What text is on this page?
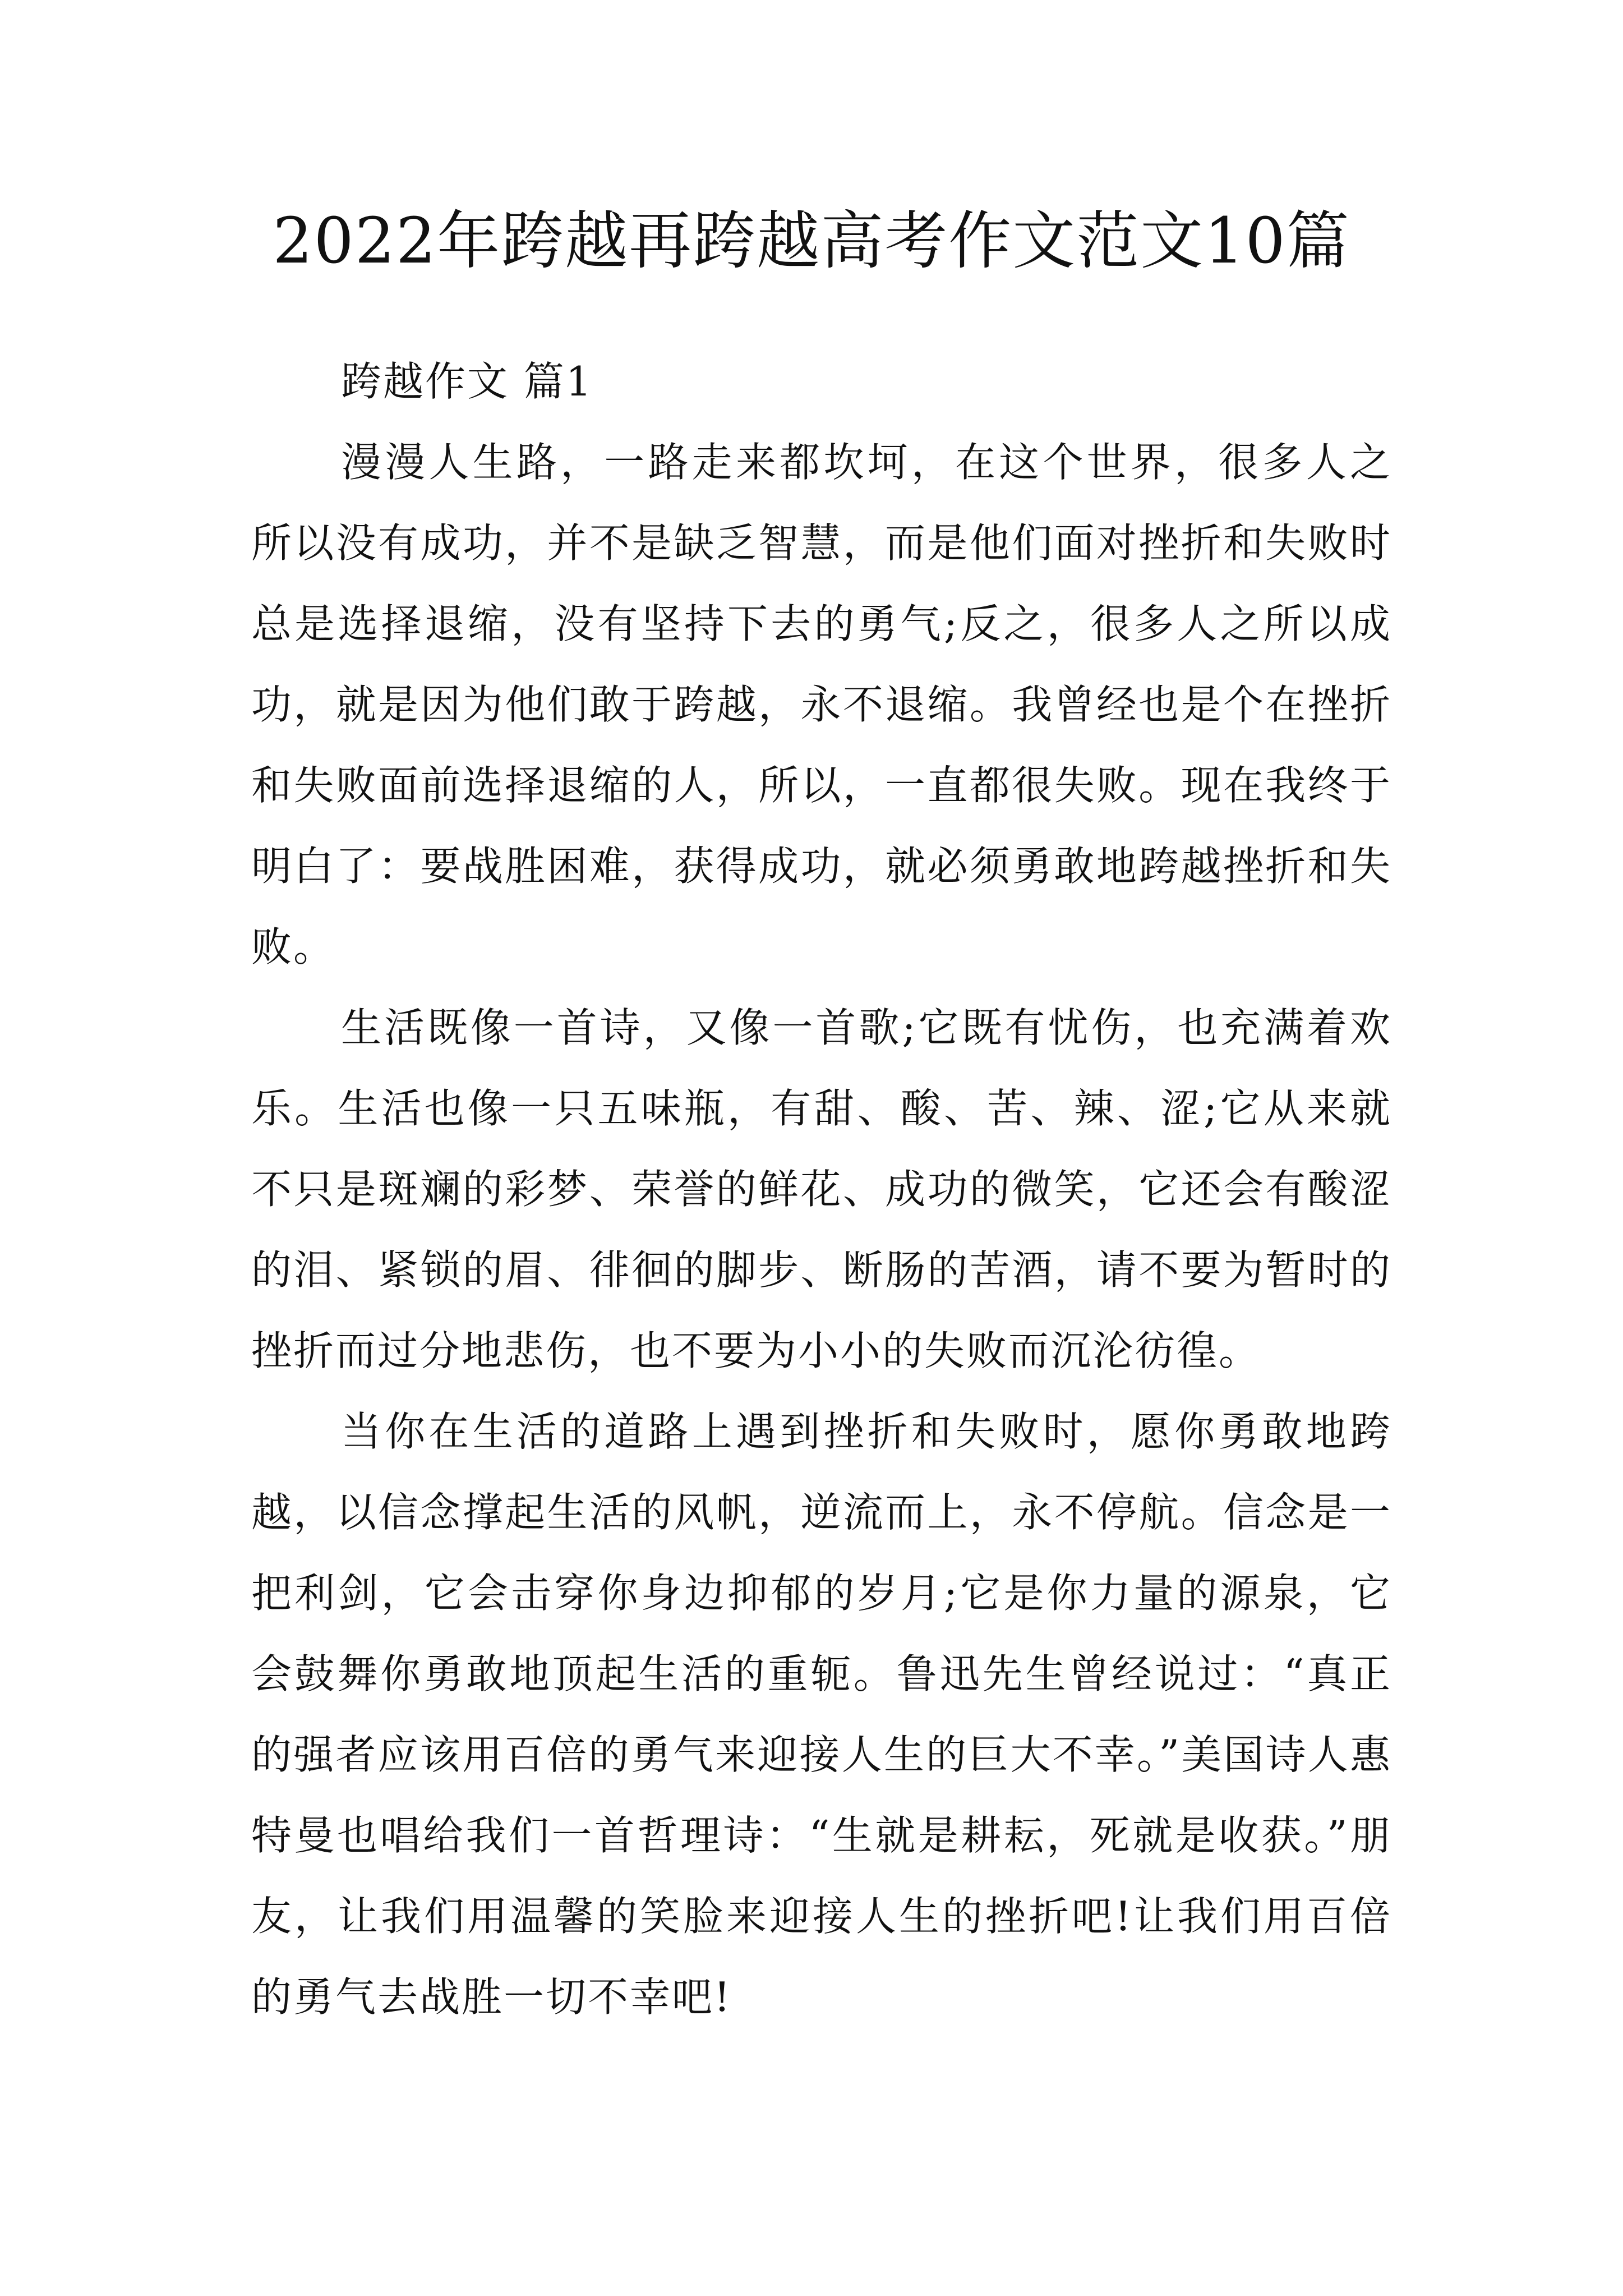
2022年跨越再跨越高考作文范文10篇

跨越作文 篇1

漫漫人生路，一路走来都坎坷，在这个世界，很多人之所以没有成功，并不是缺乏智慧，而是他们面对挫折和失败时总是选择退缩，没有坚持下去的勇气;反之，很多人之所以成功，就是因为他们敢于跨越，永不退缩。我曾经也是个在挫折和失败面前选择退缩的人，所以，一直都很失败。现在我终于明白了：要战胜困难，获得成功，就必须勇敢地跨越挫折和失败。

生活既像一首诗，又像一首歌;它既有忧伤，也充满着欢乐。生活也像一只五味瓶，有甜、酸、苦、辣、涩;它从来就不只是斑斓的彩梦、荣誉的鲜花、成功的微笑，它还会有酸涩的泪、紧锁的眉、徘徊的脚步、断肠的苦酒，请不要为暂时的挫折而过分地悲伤，也不要为小小的失败而沉沦彷徨。

当你在生活的道路上遇到挫折和失败时，愿你勇敢地跨越，以信念撑起生活的风帆，逆流而上，永不停航。信念是一把利剑，它会击穿你身边抑郁的岁月;它是你力量的源泉，它会鼓舞你勇敢地顶起生活的重轭。鲁迅先生曾经说过：“真正的强者应该用百倍的勇气来迎接人生的巨大不幸。”美国诗人惠特曼也唱给我们一首哲理诗：“生就是耕耘，死就是收获。”朋友，让我们用温馨的笑脸来迎接人生的挫折吧!让我们用百倍的勇气去战胜一切不幸吧!
